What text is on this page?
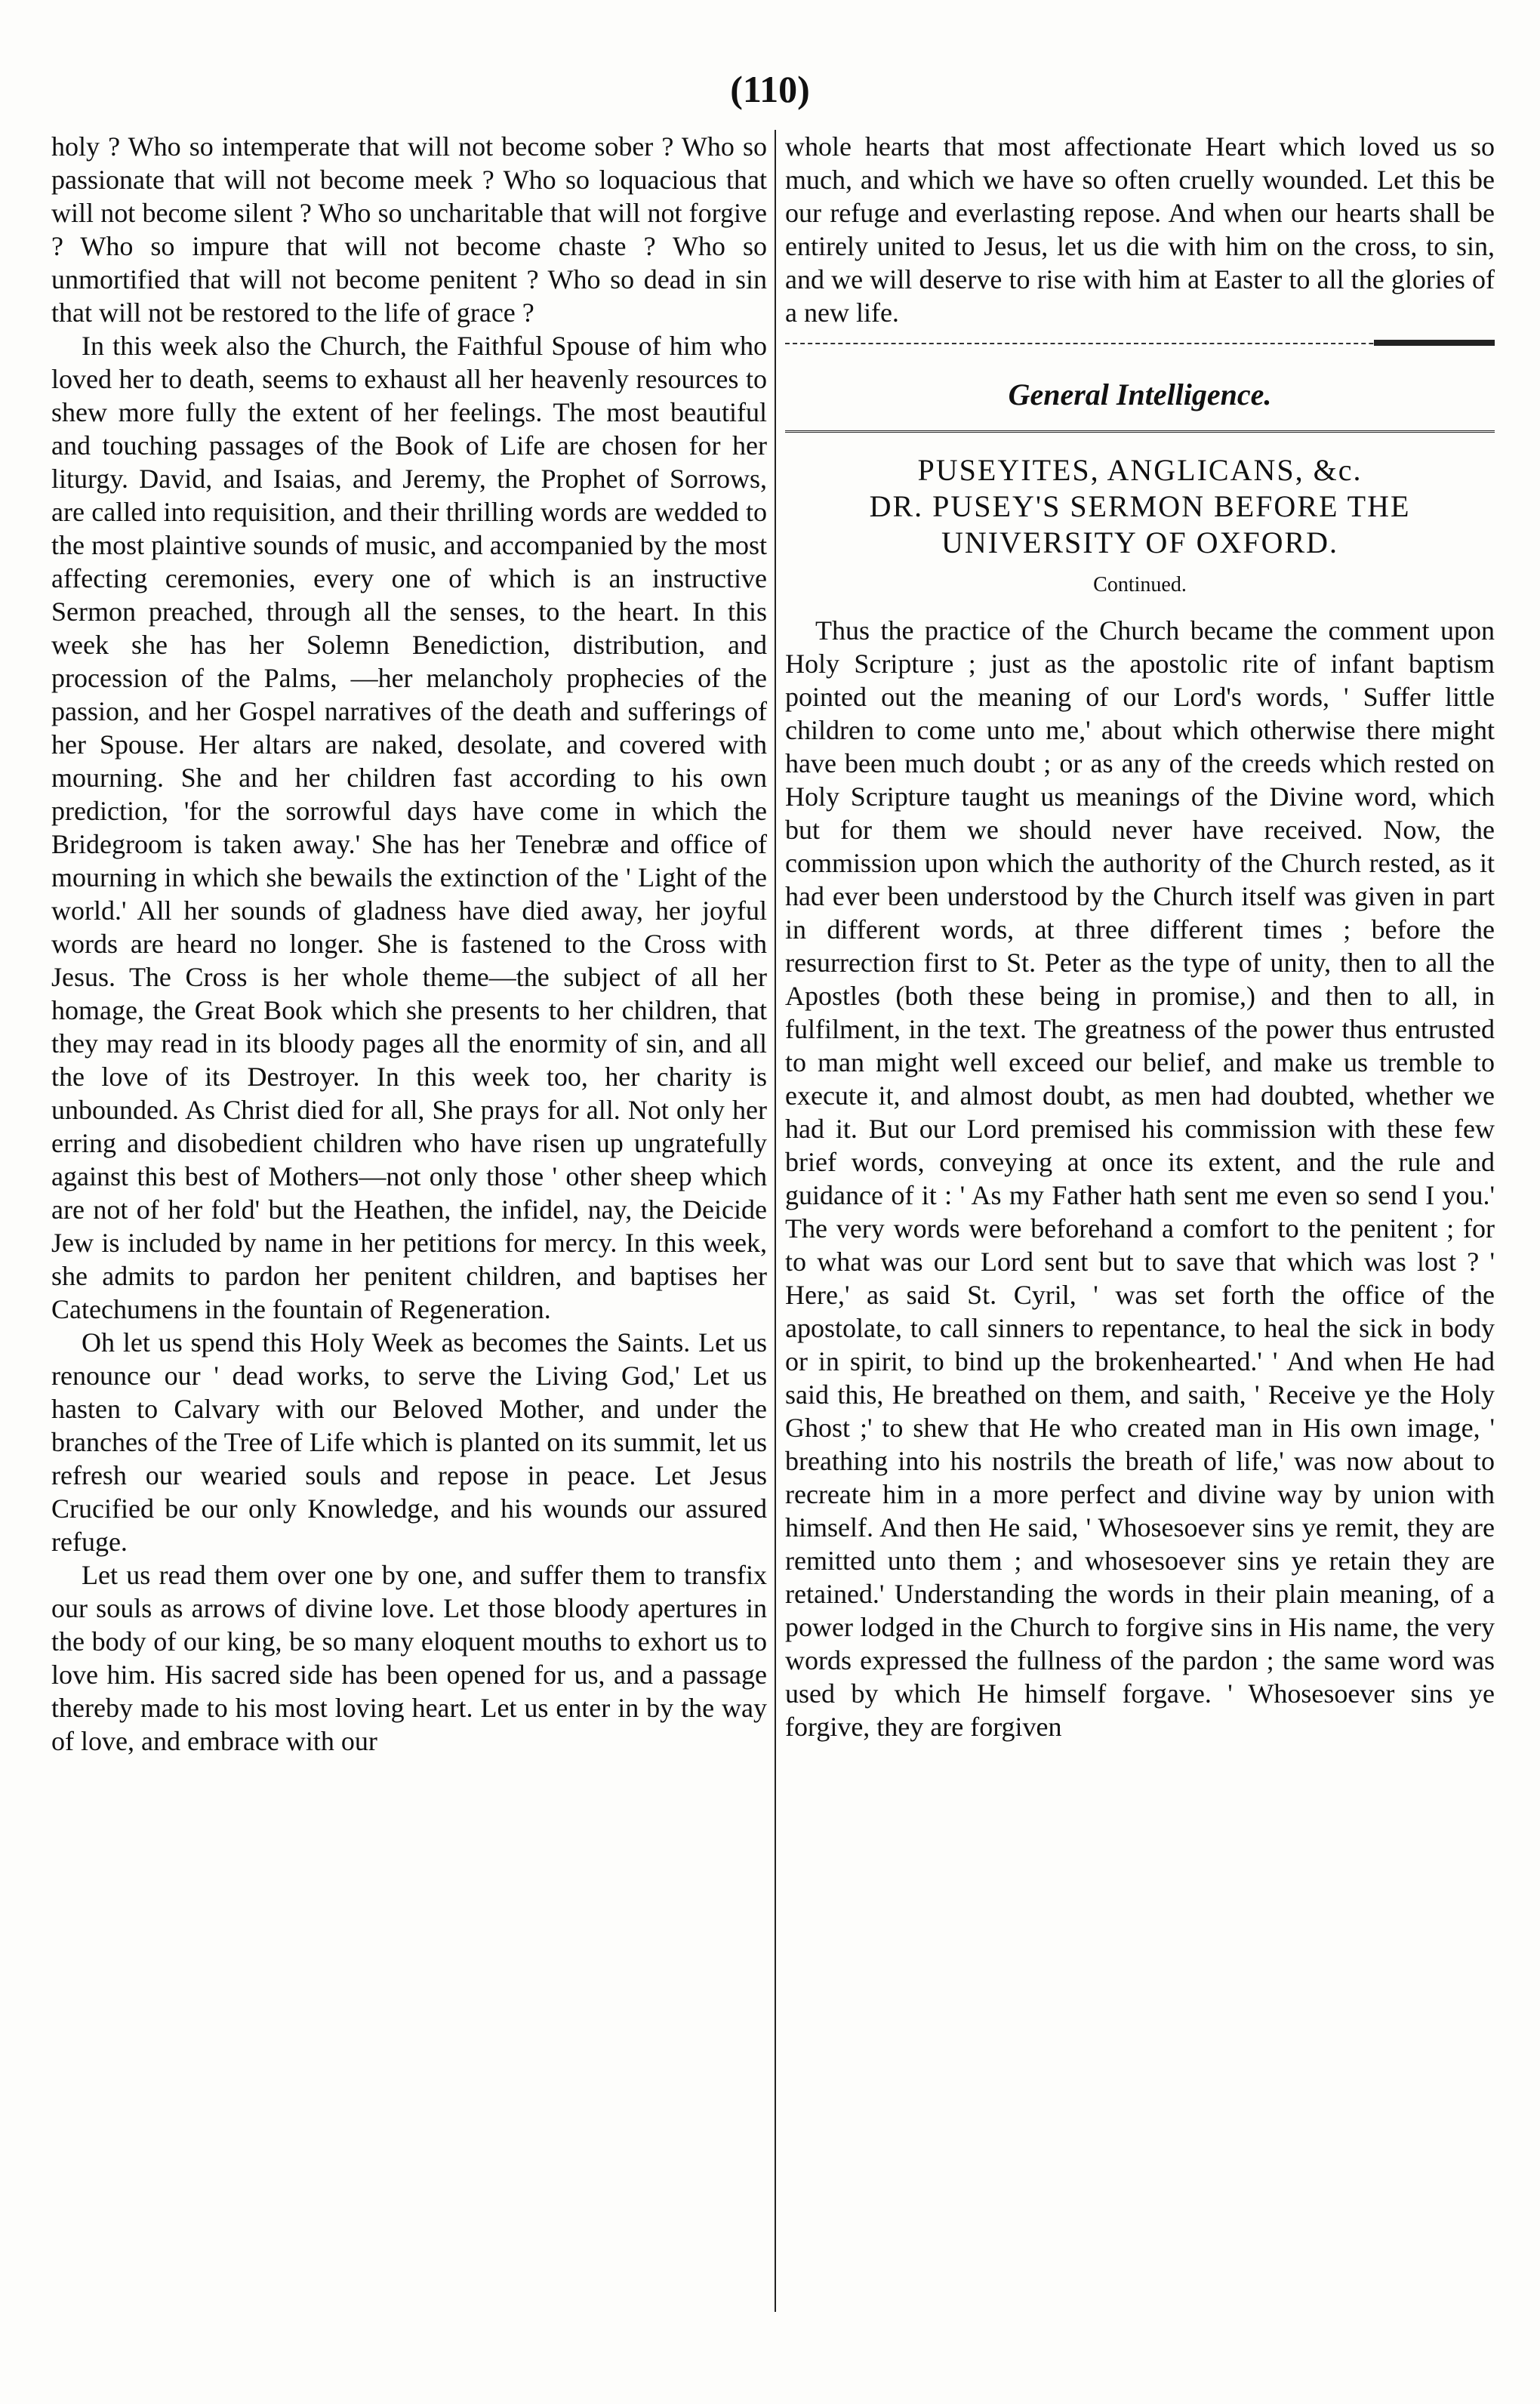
(110)

holy ? Who so intemperate that will not become sober ? Who so passionate that will not become meek ? Who so loquacious that will not become silent ? Who so uncharitable that will not forgive ? Who so impure that will not become chaste ? Who so unmortified that will not become penitent ? Who so dead in sin that will not be restored to the life of grace ?

In this week also the Church, the Faithful Spouse of him who loved her to death, seems to exhaust all her heavenly resources to shew more fully the extent of her feelings. The most beautiful and touching passages of the Book of Life are chosen for her liturgy. David, and Isaias, and Jeremy, the Prophet of Sorrows, are called into requisition, and their thrilling words are wedded to the most plaintive sounds of music, and accompanied by the most affecting ceremonies, every one of which is an instructive Sermon preached, through all the senses, to the heart. In this week she has her Solemn Benediction, distribution, and procession of the Palms, —her melancholy prophecies of the passion, and her Gospel narratives of the death and sufferings of her Spouse. Her altars are naked, desolate, and covered with mourning. She and her children fast according to his own prediction, 'for the sorrowful days have come in which the Bridegroom is taken away.' She has her Tenebræ and office of mourning in which she bewails the extinction of the ' Light of the world.' All her sounds of gladness have died away, her joyful words are heard no longer. She is fastened to the Cross with Jesus. The Cross is her whole theme—the subject of all her homage, the Great Book which she presents to her children, that they may read in its bloody pages all the enormity of sin, and all the love of its Destroyer. In this week too, her charity is unbounded. As Christ died for all, She prays for all. Not only her erring and disobedient children who have risen up ungratefully against this best of Mothers—not only those ' other sheep which are not of her fold' but the Heathen, the infidel, nay, the Deicide Jew is included by name in her petitions for mercy. In this week, she admits to pardon her penitent children, and baptises her Catechumens in the fountain of Regeneration.

Oh let us spend this Holy Week as becomes the Saints. Let us renounce our ' dead works, to serve the Living God,' Let us hasten to Calvary with our Beloved Mother, and under the branches of the Tree of Life which is planted on its summit, let us refresh our wearied souls and repose in peace. Let Jesus Crucified be our only Knowledge, and his wounds our assured refuge.

Let us read them over one by one, and suffer them to transfix our souls as arrows of divine love. Let those bloody apertures in the body of our king, be so many eloquent mouths to exhort us to love him. His sacred side has been opened for us, and a passage thereby made to his most loving heart. Let us enter in by the way of love, and embrace with our

whole hearts that most affectionate Heart which loved us so much, and which we have so often cruelly wounded. Let this be our refuge and everlasting repose. And when our hearts shall be entirely united to Jesus, let us die with him on the cross, to sin, and we will deserve to rise with him at Easter to all the glories of a new life.

General Intelligence.
PUSEYITES, ANGLICANS, &c.
DR. PUSEY'S SERMON BEFORE THE
UNIVERSITY OF OXFORD.
Continued.

Thus the practice of the Church became the comment upon Holy Scripture ; just as the apostolic rite of infant baptism pointed out the meaning of our Lord's words, ' Suffer little children to come unto me,' about which otherwise there might have been much doubt ; or as any of the creeds which rested on Holy Scripture taught us meanings of the Divine word, which but for them we should never have received. Now, the commission upon which the authority of the Church rested, as it had ever been understood by the Church itself was given in part in different words, at three different times ; before the resurrection first to St. Peter as the type of unity, then to all the Apostles (both these being in promise,) and then to all, in fulfilment, in the text. The greatness of the power thus entrusted to man might well exceed our belief, and make us tremble to execute it, and almost doubt, as men had doubted, whether we had it. But our Lord premised his commission with these few brief words, conveying at once its extent, and the rule and guidance of it : ' As my Father hath sent me even so send I you.' The very words were beforehand a comfort to the penitent ; for to what was our Lord sent but to save that which was lost ? ' Here,' as said St. Cyril, ' was set forth the office of the apostolate, to call sinners to repentance, to heal the sick in body or in spirit, to bind up the brokenhearted.' ' And when He had said this, He breathed on them, and saith, ' Receive ye the Holy Ghost ;' to shew that He who created man in His own image, ' breathing into his nostrils the breath of life,' was now about to recreate him in a more perfect and divine way by union with himself. And then He said, ' Whosesoever sins ye remit, they are remitted unto them ; and whosesoever sins ye retain they are retained.' Understanding the words in their plain meaning, of a power lodged in the Church to forgive sins in His name, the very words expressed the fullness of the pardon ; the same word was used by which He himself forgave. ' Whosesoever sins ye forgive, they are forgiven
